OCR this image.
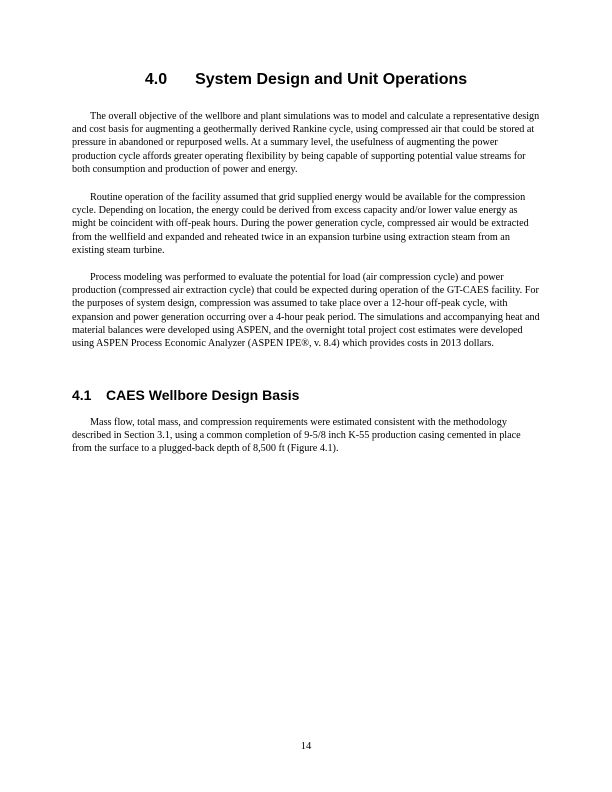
4.0 System Design and Unit Operations

The overall objective of the wellbore and plant simulations was to model and calculate a representative design and cost basis for augmenting a geothermally derived Rankine cycle, using compressed air that could be stored at pressure in abandoned or repurposed wells. At a summary level, the usefulness of augmenting the power production cycle affords greater operating flexibility by being capable of supporting potential value streams for both consumption and production of power and energy.

Routine operation of the facility assumed that grid supplied energy would be available for the compression cycle. Depending on location, the energy could be derived from excess capacity and/or lower value energy as might be coincident with off-peak hours. During the power generation cycle, compressed air would be extracted from the wellfield and expanded and reheated twice in an expansion turbine using extraction steam from an existing steam turbine.

Process modeling was performed to evaluate the potential for load (air compression cycle) and power production (compressed air extraction cycle) that could be expected during operation of the GT-CAES facility. For the purposes of system design, compression was assumed to take place over a 12-hour off-peak cycle, with expansion and power generation occurring over a 4-hour peak period. The simulations and accompanying heat and material balances were developed using ASPEN, and the overnight total project cost estimates were developed using ASPEN Process Economic Analyzer (ASPEN IPE®, v. 8.4) which provides costs in 2013 dollars.

4.1 CAES Wellbore Design Basis

Mass flow, total mass, and compression requirements were estimated consistent with the methodology described in Section 3.1, using a common completion of 9-5/8 inch K-55 production casing cemented in place from the surface to a plugged-back depth of 8,500 ft (Figure 4.1).

14
